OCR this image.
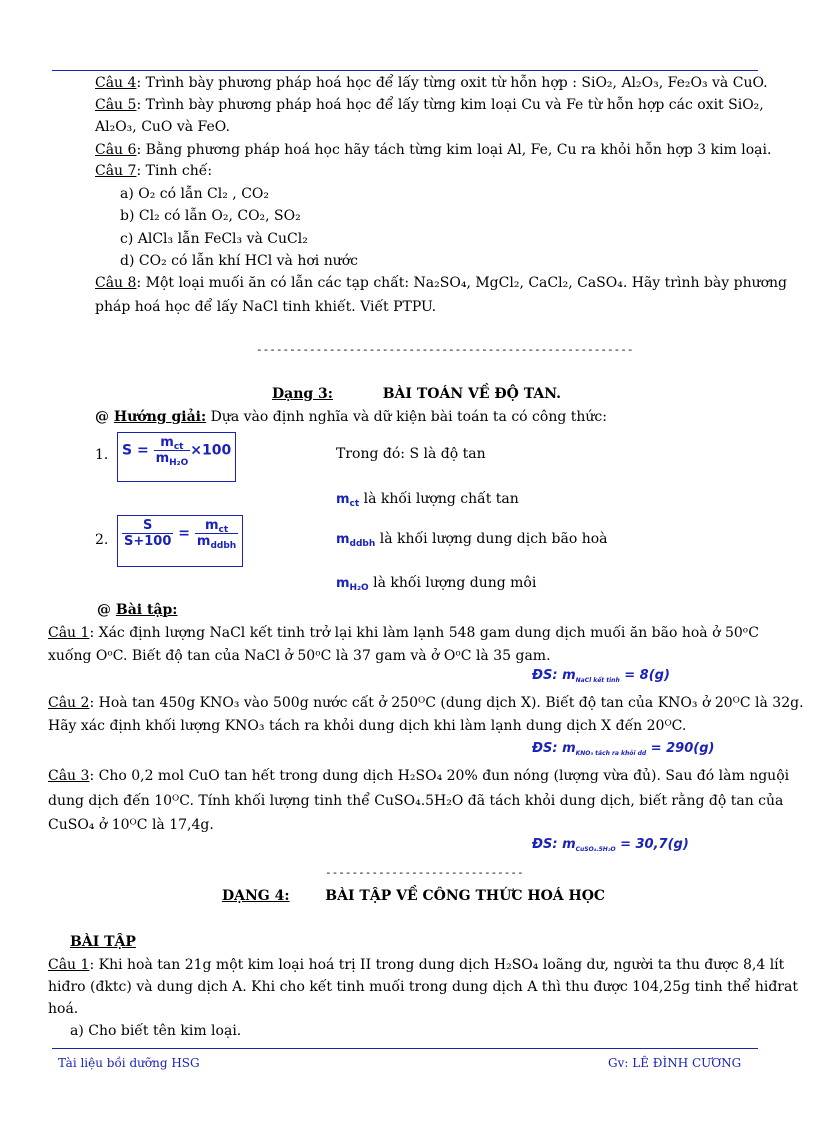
Câu 4: Trình bày phương pháp hoá học để lấy từng oxit từ hỗn hợp : SiO₂, Al₂O₃, Fe₂O₃ và CuO.
Câu 5: Trình bày phương pháp hoá học để lấy từng kim loại Cu và Fe từ hỗn hợp các oxit SiO₂,
Al₂O₃, CuO và FeO.
Câu 6: Bằng phương pháp hoá học hãy tách từng kim loại Al, Fe, Cu ra khỏi hỗn hợp 3 kim loại.
Câu 7: Tinh chế:
a) O₂ có lẫn Cl₂ , CO₂
b) Cl₂ có lẫn O₂, CO₂, SO₂
c) AlCl₃ lẫn FeCl₃ và CuCl₂
d) CO₂ có lẫn khí HCl và hơi nước
Câu 8: Một loại muối ăn có lẫn các tạp chất: Na₂SO₄, MgCl₂, CaCl₂, CaSO₄. Hãy trình bày phương
pháp hoá học để lấy NaCl tinh khiết. Viết PTPU.
---------------------------------------------------------
Dạng 3:	BÀI TOÁN VỀ ĐỘ TAN.
@ Hướng giải: Dựa vào định nghĩa và dữ kiện bài toán ta có công thức:
1. $S = \frac{m_{ct}}{m_{H_2O}} \times 100$	Trong đó: S là độ tan
$m_{ct}$ là khối lượng chất tan
2. $\frac{S}{S+100} = \frac{m_{ct}}{m_{ddbh}}$	$m_{ddbh}$ là khối lượng dung dịch bão hoà
$m_{H_2O}$ là khối lượng dung môi
@ Bài tập:
Câu 1: Xác định lượng NaCl kết tinh trở lại khi làm lạnh 548 gam dung dịch muối ăn bão hoà ở 50ᵒC
xuống OᵒC. Biết độ tan của NaCl ở 50ᵒC là 37 gam và ở OᵒC là 35 gam.
ĐS: $m_{NaCl kết tinh} = 8(g)$
Câu 2: Hoà tan 450g KNO₃ vào 500g nước cất ở 250ᴼC (dung dịch X). Biết độ tan của KNO₃ ở 20ᴼC là 32g.
Hãy xác định khối lượng KNO₃ tách ra khỏi dung dịch khi làm lạnh dung dịch X đến 20ᴼC.
ĐS: $m_{KNO_3 tách ra khỏi dd} = 290(g)$
Câu 3: Cho 0,2 mol CuO tan hết trong dung dịch H₂SO₄ 20% đun nóng (lượng vừa đủ). Sau đó làm nguội
dung dịch đến 10ᴼC. Tính khối lượng tinh thể CuSO₄.5H₂O đã tách khỏi dung dịch, biết rằng độ tan của
CuSO₄ ở 10ᴼC là 17,4g.
ĐS: $m_{CuSO_4.5H_2O} = 30,7(g)$
------------------------------
DẠNG 4:	BÀI TẬP VỀ CÔNG THỨC HOÁ HỌC
BÀI TẬP
Câu 1: Khi hoà tan 21g một kim loại hoá trị II trong dung dịch H₂SO₄ loãng dư, người ta thu được 8,4 lít
hiđro (đktc) và dung dịch A. Khi cho kết tinh muối trong dung dịch A thì thu được 104,25g tinh thể hiđrat
hoá.
a) Cho biết tên kim loại.
Tài liệu bồi dưỡng HSG	Gv: LÊ ĐÌNH CƯƠNG
